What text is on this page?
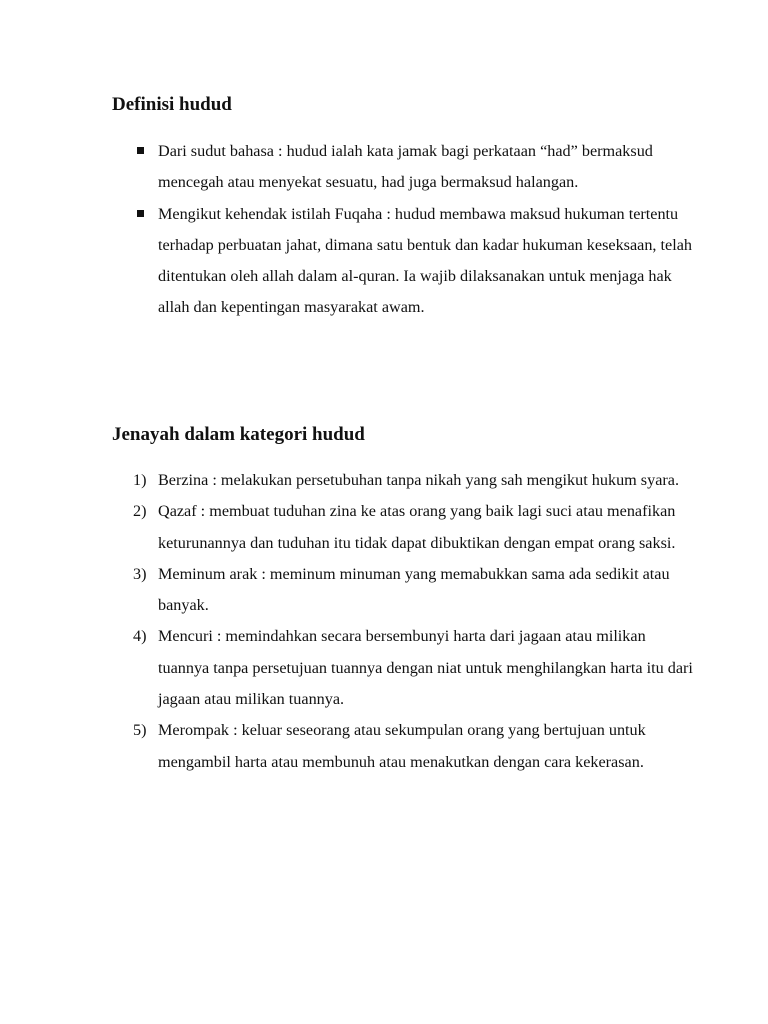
Definisi hudud
Dari sudut bahasa : hudud ialah kata jamak bagi perkataan “had” bermaksud mencegah atau menyekat sesuatu, had juga bermaksud halangan.
Mengikut kehendak istilah Fuqaha : hudud membawa maksud hukuman tertentu terhadap perbuatan jahat, dimana satu bentuk dan kadar hukuman keseksaan, telah ditentukan oleh allah dalam al-quran. Ia wajib dilaksanakan untuk menjaga hak allah dan kepentingan masyarakat awam.
Jenayah dalam kategori hudud
1) Berzina : melakukan persetubuhan tanpa nikah yang sah mengikut hukum syara.
2) Qazaf : membuat tuduhan zina ke atas orang yang baik lagi suci atau menafikan keturunannya dan tuduhan itu tidak dapat dibuktikan dengan empat orang saksi.
3) Meminum arak : meminum minuman yang memabukkan sama ada sedikit atau banyak.
4) Mencuri : memindahkan secara bersembunyi harta dari jagaan atau milikan tuannya tanpa persetujuan tuannya dengan niat untuk menghilangkan harta itu dari jagaan atau milikan tuannya.
5) Merompak : keluar seseorang atau sekumpulan orang yang bertujuan untuk mengambil harta atau membunuh atau menakutkan dengan cara kekerasan.
